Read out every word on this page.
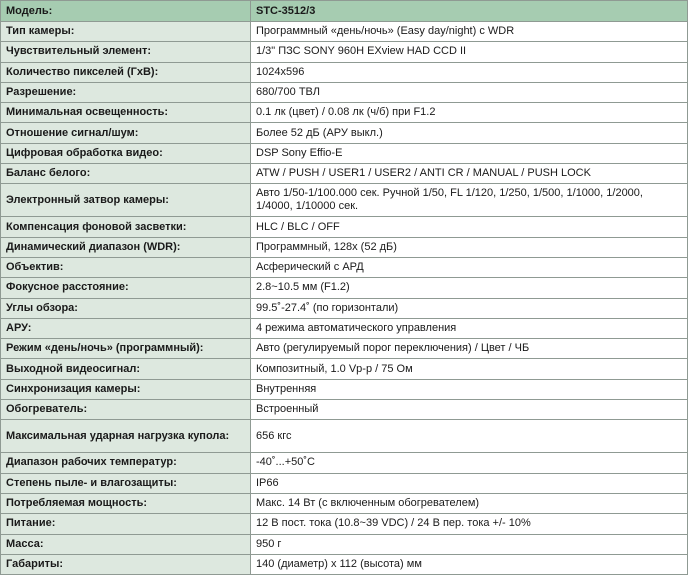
Модель:	STC-3512/3
Тип камеры:	Программный «день/ночь» (Easy day/night) с WDR
Чувствительный элемент:	1/3" ПЗС SONY 960H EXview HAD CCD II
Количество пикселей (ГхВ):	1024x596
Разрешение:	680/700 ТВЛ
Минимальная освещенность:	0.1 лк (цвет) / 0.08 лк (ч/б) при F1.2
Отношение сигнал/шум:	Более 52 дБ (АРУ выкл.)
Цифровая обработка видео:	DSP Sony Effio-E
Баланс белого:	ATW / PUSH / USER1 / USER2 / ANTI CR / MANUAL / PUSH LOCK
Электронный затвор камеры:	Авто 1/50-1/100.000 сек. Ручной 1/50, FL 1/120, 1/250, 1/500, 1/1000, 1/2000, 1/4000, 1/10000 сек.
Компенсация фоновой засветки:	HLC / BLC / OFF
Динамический диапазон (WDR):	Программный, 128x (52 дБ)
Объектив:	Асферический с АРД
Фокусное расстояние:	2.8~10.5 мм (F1.2)
Углы обзора:	99.5˚-27.4˚ (по горизонтали)
АРУ:	4 режима автоматического управления
Режим «день/ночь» (программный):	Авто (регулируемый порог переключения) / Цвет / ЧБ
Выходной видеосигнал:	Композитный, 1.0 Vp-p / 75 Ом
Синхронизация камеры:	Внутренняя
Обогреватель:	Встроенный
Максимальная ударная нагрузка купола:	656 кгс
Диапазон рабочих температур:	-40˚...+50˚С
Степень пыле- и влагозащиты:	IP66
Потребляемая мощность:	Макс. 14 Вт (с включенным обогревателем)
Питание:	12 В пост. тока (10.8~39 VDC) / 24 В пер. тока +/- 10%
Масса:	950 г
Габариты:	140 (диаметр) x 112 (высота) мм
